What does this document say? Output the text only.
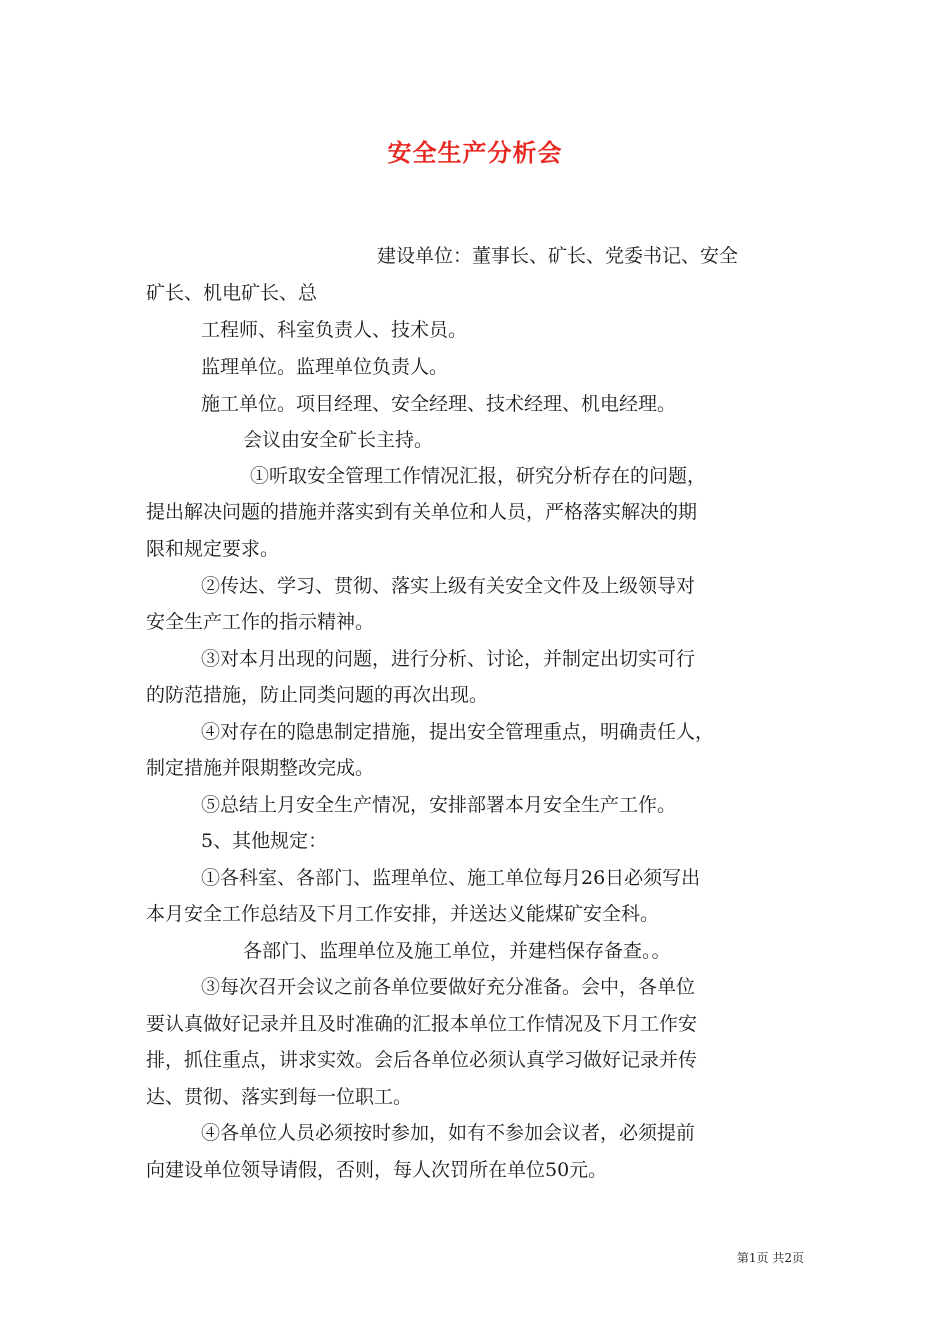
安全生产分析会
建设单位：董事长、矿长、党委书记、安全
矿长、机电矿长、总
工程师、科室负责人、技术员。
监理单位。监理单位负责人。
施工单位。项目经理、安全经理、技术经理、机电经理。
会议由安全矿长主持。
①听取安全管理工作情况汇报，研究分析存在的问题，
提出解决问题的措施并落实到有关单位和人员，严格落实解决的期
限和规定要求。
②传达、学习、贯彻、落实上级有关安全文件及上级领导对
安全生产工作的指示精神。
③对本月出现的问题，进行分析、讨论，并制定出切实可行
的防范措施，防止同类问题的再次出现。
④对存在的隐患制定措施，提出安全管理重点，明确责任人，
制定措施并限期整改完成。
⑤总结上月安全生产情况，安排部署本月安全生产工作。
5、其他规定：
①各科室、各部门、监理单位、施工单位每月26日必须写出
本月安全工作总结及下月工作安排，并送达义能煤矿安全科。
各部门、监理单位及施工单位，并建档保存备查。。
③每次召开会议之前各单位要做好充分准备。会中，各单位
要认真做好记录并且及时准确的汇报本单位工作情况及下月工作安
排，抓住重点，讲求实效。会后各单位必须认真学习做好记录并传
达、贯彻、落实到每一位职工。
④各单位人员必须按时参加，如有不参加会议者，必须提前
向建设单位领导请假，否则，每人次罚所在单位50元。
第1页 共2页
